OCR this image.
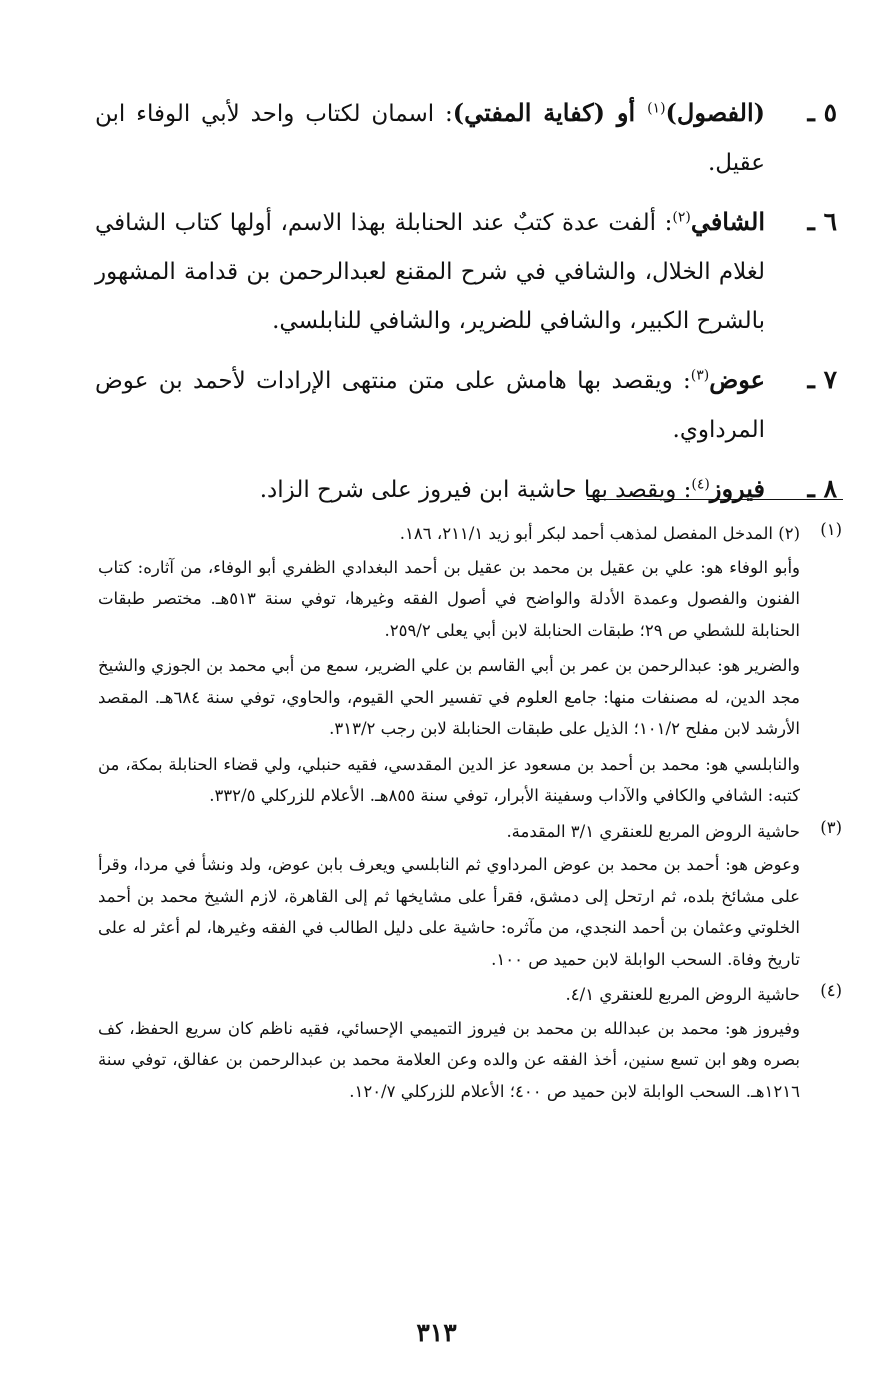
٥ ـ
(الفصول)$^{(١)}$ أو (كفاية المفتي): اسمان لكتاب واحد لأبي الوفاء ابن عقيل.
٦ ـ
الشافي$^{(٢)}$: ألفت عدة كتبٌ عند الحنابلة بهذا الاسم، أولها كتاب الشافي لغلام الخلال، والشافي في شرح المقنع لعبدالرحمن بن قدامة المشهور بالشرح الكبير، والشافي للضرير، والشافي للنابلسي.
٧ ـ
عوض$^{(٣)}$: ويقصد بها هامش على متن منتهى الإرادات لأحمد بن عوض المرداوي.
٨ ـ
فيروز$^{(٤)}$: ويقصد بها حاشية ابن فيروز على شرح الزاد.
(١)
(٢) المدخل المفصل لمذهب أحمد لبكر أبو زيد ٢١١/١، ١٨٦.
وأبو الوفاء هو: علي بن عقيل بن محمد بن عقيل بن أحمد البغدادي الظفري أبو الوفاء، من آثاره: كتاب الفنون والفصول وعمدة الأدلة والواضح في أصول الفقه وغيرها، توفي سنة ٥١٣هـ. مختصر طبقات الحنابلة للشطي ص ٢٩؛ طبقات الحنابلة لابن أبي يعلى ٢٥٩/٢.
والضرير هو: عبدالرحمن بن عمر بن أبي القاسم بن علي الضرير، سمع من أبي محمد بن الجوزي والشيخ مجد الدين، له مصنفات منها: جامع العلوم في تفسير الحي القيوم، والحاوي، توفي سنة ٦٨٤هـ. المقصد الأرشد لابن مفلح ١٠١/٢؛ الذيل على طبقات الحنابلة لابن رجب ٣١٣/٢.
والنابلسي هو: محمد بن أحمد بن مسعود عز الدين المقدسي، فقيه حنبلي، ولي قضاء الحنابلة بمكة، من كتبه: الشافي والكافي والآداب وسفينة الأبرار، توفي سنة ٨٥٥هـ. الأعلام للزركلي ٣٣٢/٥.
(٣)
حاشية الروض المربع للعنقري ٣/١ المقدمة.
وعوض هو: أحمد بن محمد بن عوض المرداوي ثم النابلسي ويعرف بابن عوض، ولد ونشأ في مردا، وقرأ على مشائخ بلده، ثم ارتحل إلى دمشق، فقرأ على مشايخها ثم إلى القاهرة، لازم الشيخ محمد بن أحمد الخلوتي وعثمان بن أحمد النجدي، من مآثره: حاشية على دليل الطالب في الفقه وغيرها، لم أعثر له على تاريخ وفاة. السحب الوابلة لابن حميد ص ١٠٠.
(٤)
حاشية الروض المربع للعنقري ٤/١.
وفيروز هو: محمد بن عبدالله بن محمد بن فيروز التميمي الإحسائي، فقيه ناظم كان سريع الحفظ، كف بصره وهو ابن تسع سنين، أخذ الفقه عن والده وعن العلامة محمد بن عبدالرحمن بن عفالق، توفي سنة ١٢١٦هـ. السحب الوابلة لابن حميد ص ٤٠٠؛ الأعلام للزركلي ١٢٠/٧.
٣١٣
